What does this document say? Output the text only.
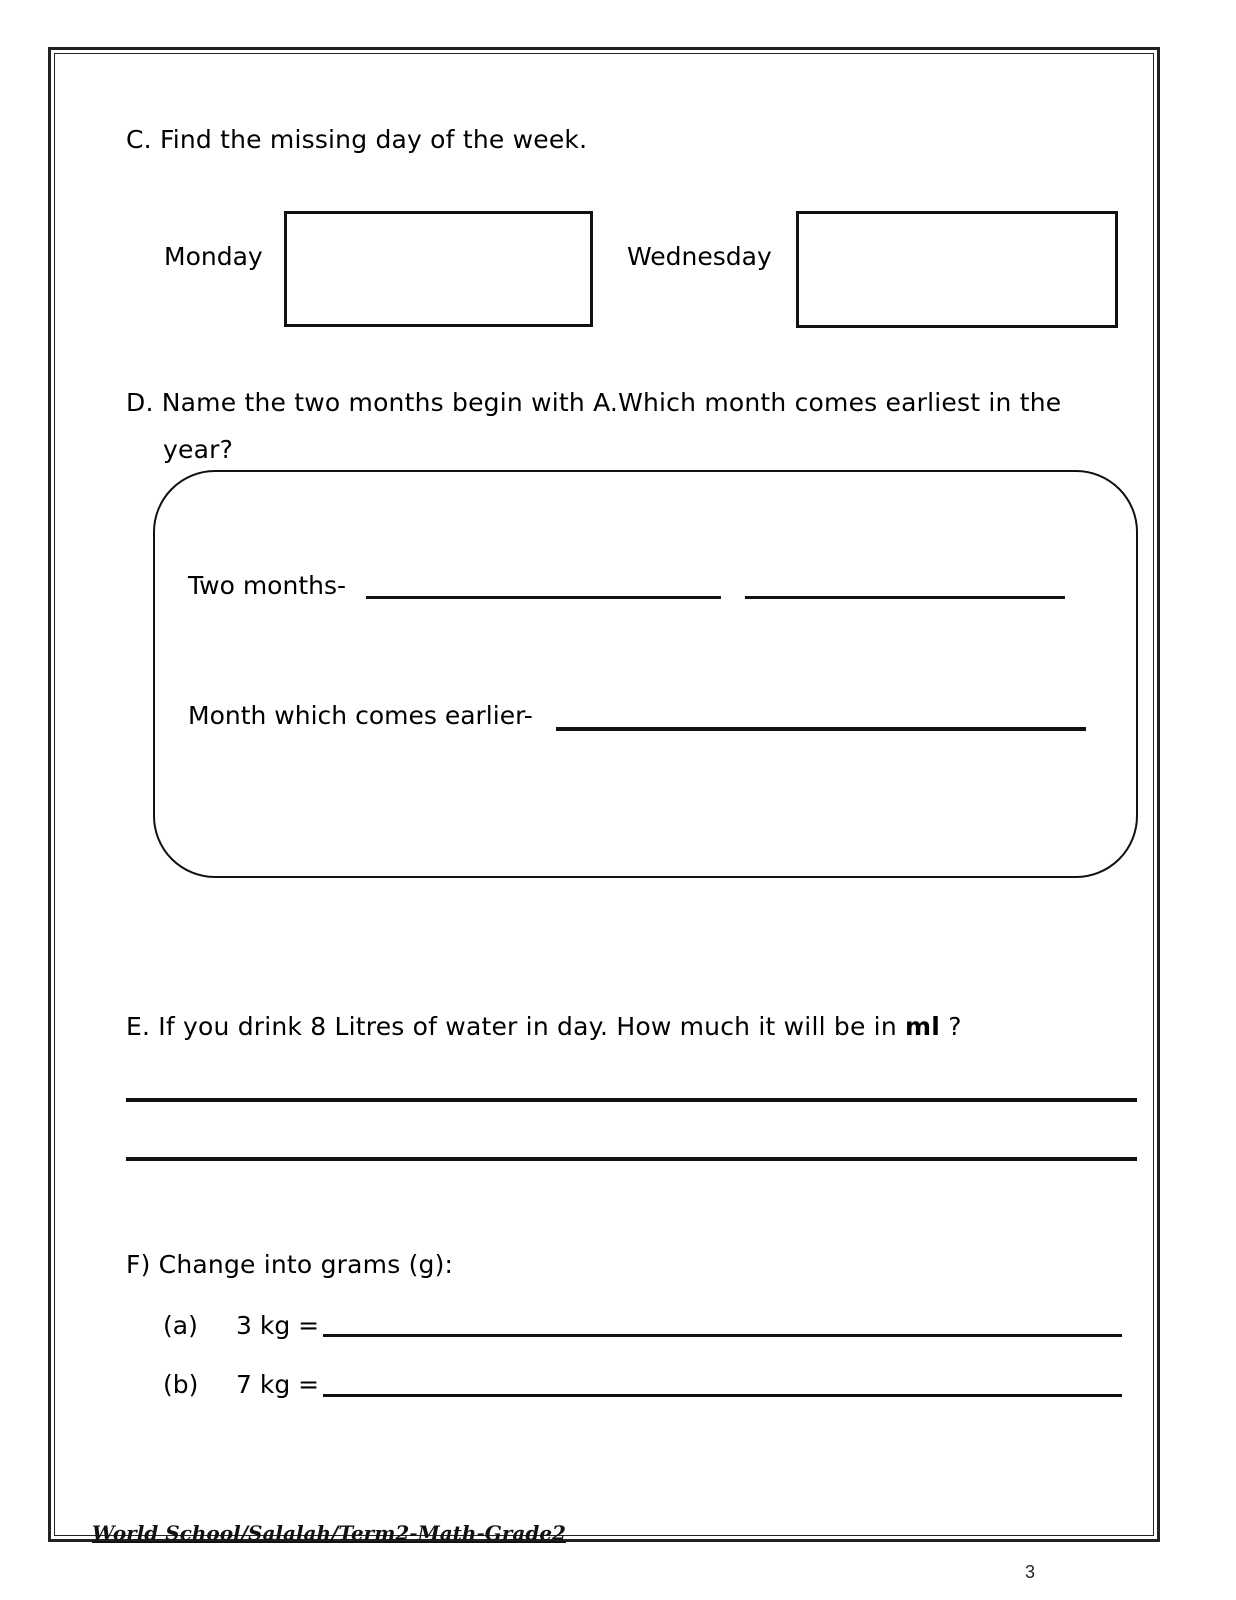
C. Find the missing day of the week.
Monday	Wednesday
D. Name the two months begin with A.Which month comes earliest in the
year?
Two months-
Month which comes earlier-
E. If you drink 8 Litres of water in day. How much it will be in ml ?
F) Change into grams (g):
(a) 3 kg =
(b) 7 kg =
World School/Salalah/Term2-Math-Grade2
3
